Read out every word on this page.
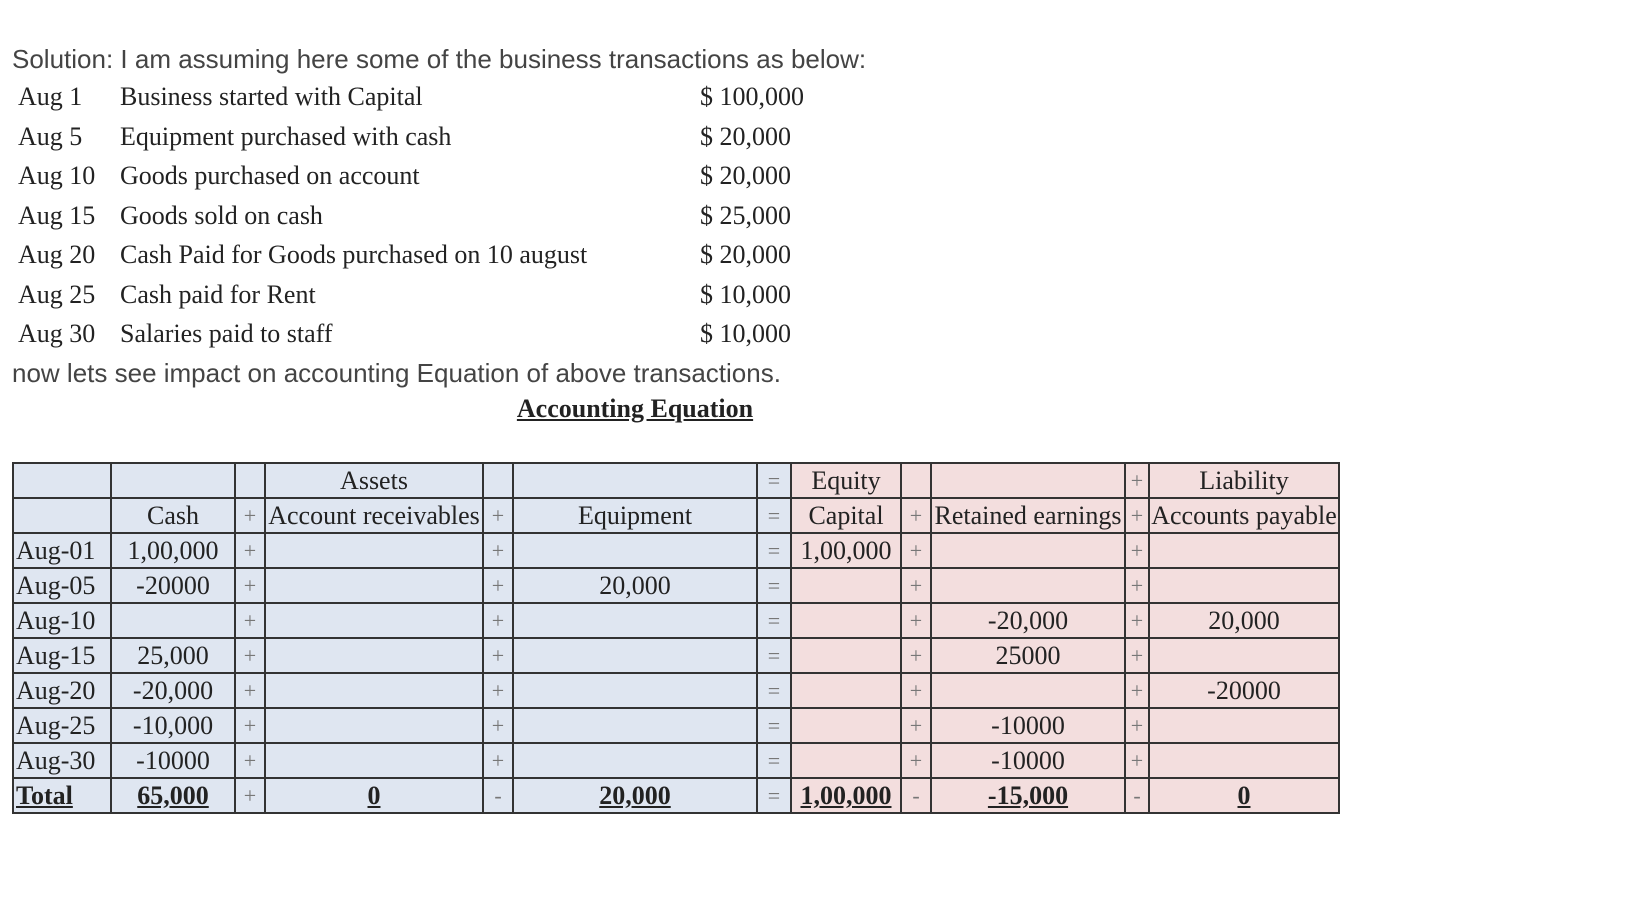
Solution: I am assuming here some of the business transactions as below:
Aug 1	Business started with Capital	$ 100,000
Aug 5	Equipment purchased with cash	$ 20,000
Aug 10 Goods purchased on account	$ 20,000
Aug 15 Goods sold on cash	$ 25,000
Aug 20 Cash Paid for Goods purchased on 10 august	$ 20,000
Aug 25 Cash paid for Rent	$ 10,000
Aug 30 Salaries paid to staff	$ 10,000
now lets see impact on accounting Equation of above transactions.
Accounting Equation
			Assets			=	Equity			+	Liability
	Cash	+	Account receivables	+	Equipment	=	Capital	+	Retained earnings	+	Accounts payable
Aug-01	1,00,000	+		+		=	1,00,000	+		+	
Aug-05	-20000	+		+	20,000	=		+		+	
Aug-10		+		+		=		+	-20,000	+	20,000
Aug-15	25,000	+		+		=		+	25000	+	
Aug-20	-20,000	+		+		=		+		+	-20000
Aug-25	-10,000	+		+		=		+	-10000	+	
Aug-30	-10000	+		+		=		+	-10000	+	
Total	65,000	+	0	-	20,000	=	1,00,000	-	-15,000	-	0
